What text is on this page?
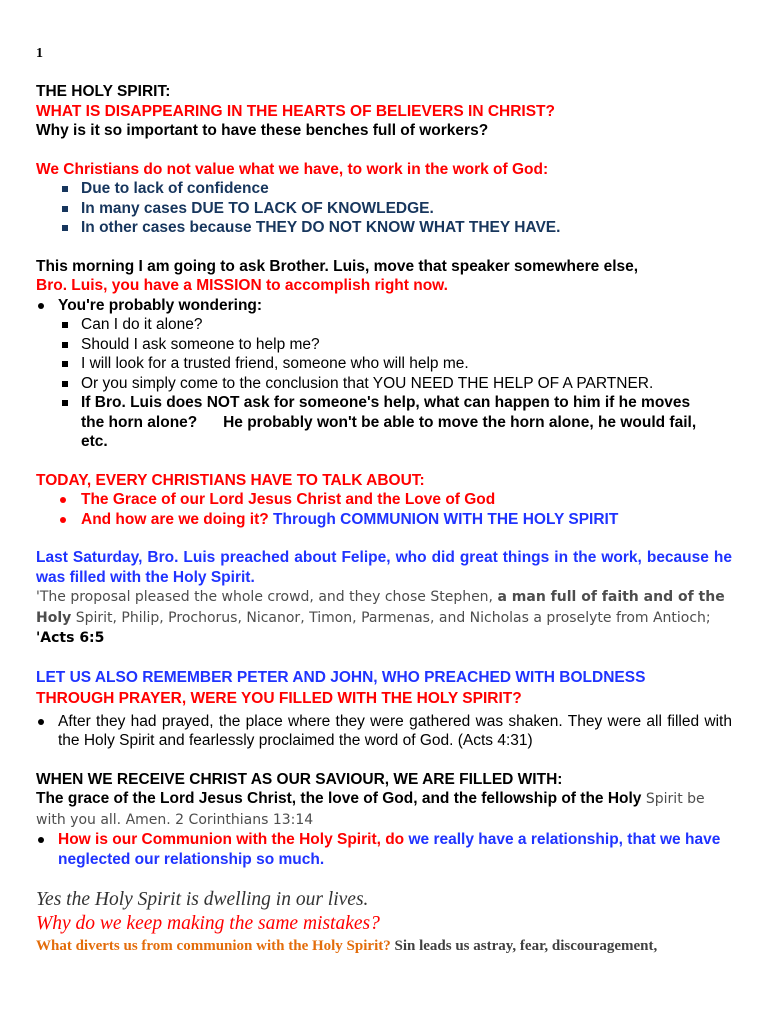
1
THE HOLY SPIRIT:
WHAT IS DISAPPEARING IN THE HEARTS OF BELIEVERS IN CHRIST?
Why is it so important to have these benches full of workers?
We Christians do not value what we have, to work in the work of God:
Due to lack of confidence
In many cases DUE TO LACK OF KNOWLEDGE.
In other cases because THEY DO NOT KNOW WHAT THEY HAVE.
This morning I am going to ask Brother. Luis, move that speaker somewhere else,
Bro. Luis, you have a MISSION to accomplish right now.
You're probably wondering:
Can I do it alone?
Should I ask someone to help me?
I will look for a trusted friend, someone who will help me.
Or you simply come to the conclusion that YOU NEED THE HELP OF A PARTNER.
If Bro. Luis does NOT ask for someone's help, what can happen to him if he moves
the horn alone?      He probably won't be able to move the horn alone, he would fail,
etc.
TODAY, EVERY CHRISTIANS HAVE TO TALK ABOUT:
The Grace of our Lord Jesus Christ and the Love of God
And how are we doing it? Through COMMUNION WITH THE HOLY SPIRIT
Last Saturday, Bro. Luis preached about Felipe, who did great things in the work, because he was filled with the Holy Spirit.
'The proposal pleased the whole crowd, and they chose Stephen, a man full of faith and of the Holy Spirit, Philip, Prochorus, Nicanor, Timon, Parmenas, and Nicholas a proselyte from Antioch; 'Acts 6:5
LET US ALSO REMEMBER PETER AND JOHN, WHO PREACHED WITH BOLDNESS
THROUGH PRAYER, WERE YOU FILLED WITH THE HOLY SPIRIT?
After they had prayed, the place where they were gathered was shaken. They were all filled with the Holy Spirit and fearlessly proclaimed the word of God. (Acts 4:31)
WHEN WE RECEIVE CHRIST AS OUR SAVIOUR, WE ARE FILLED WITH:
The grace of the Lord Jesus Christ, the love of God, and the fellowship of the Holy Spirit be with you all. Amen. 2 Corinthians 13:14
How is our Communion with the Holy Spirit, do we really have a relationship, that we have neglected our relationship so much.
Yes the Holy Spirit is dwelling in our lives.
Why do we keep making the same mistakes?
What diverts us from communion with the Holy Spirit? Sin leads us astray, fear, discouragement,
